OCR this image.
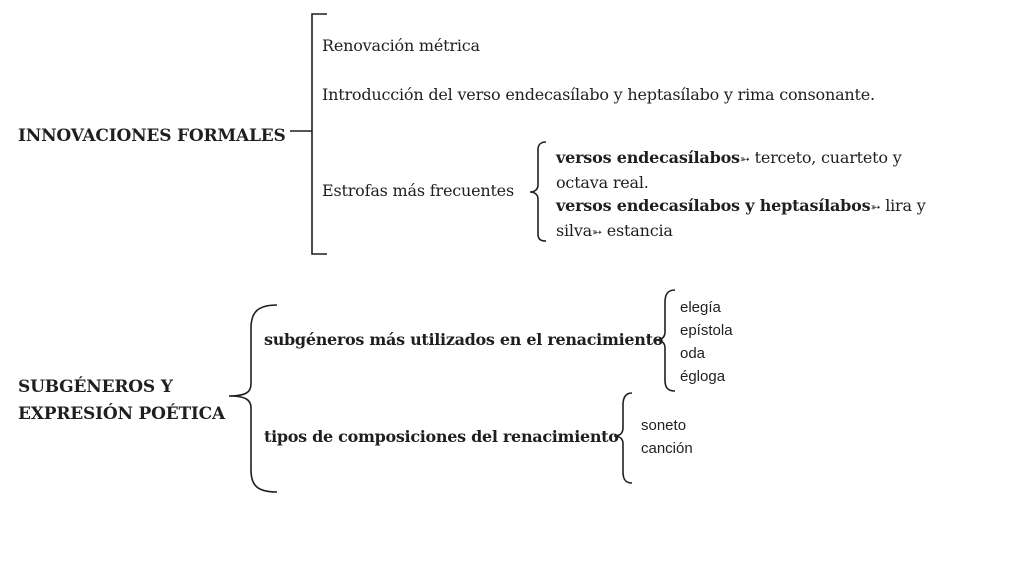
INNOVACIONES FORMALES
Renovación métrica
Introducción del verso endecasílabo y heptasílabo y rima consonante.
Estrofas más frecuentes
versos endecasílabos➳ terceto, cuarteto y
octava real.
versos endecasílabos y heptasílabos➳ lira y
silva➳ estancia
SUBGÉNEROS Y
EXPRESIÓN POÉTICA
subgéneros más utilizados en el renacimiento
tipos de composiciones del renacimiento
elegía
epístola
oda
égloga
soneto
canción
